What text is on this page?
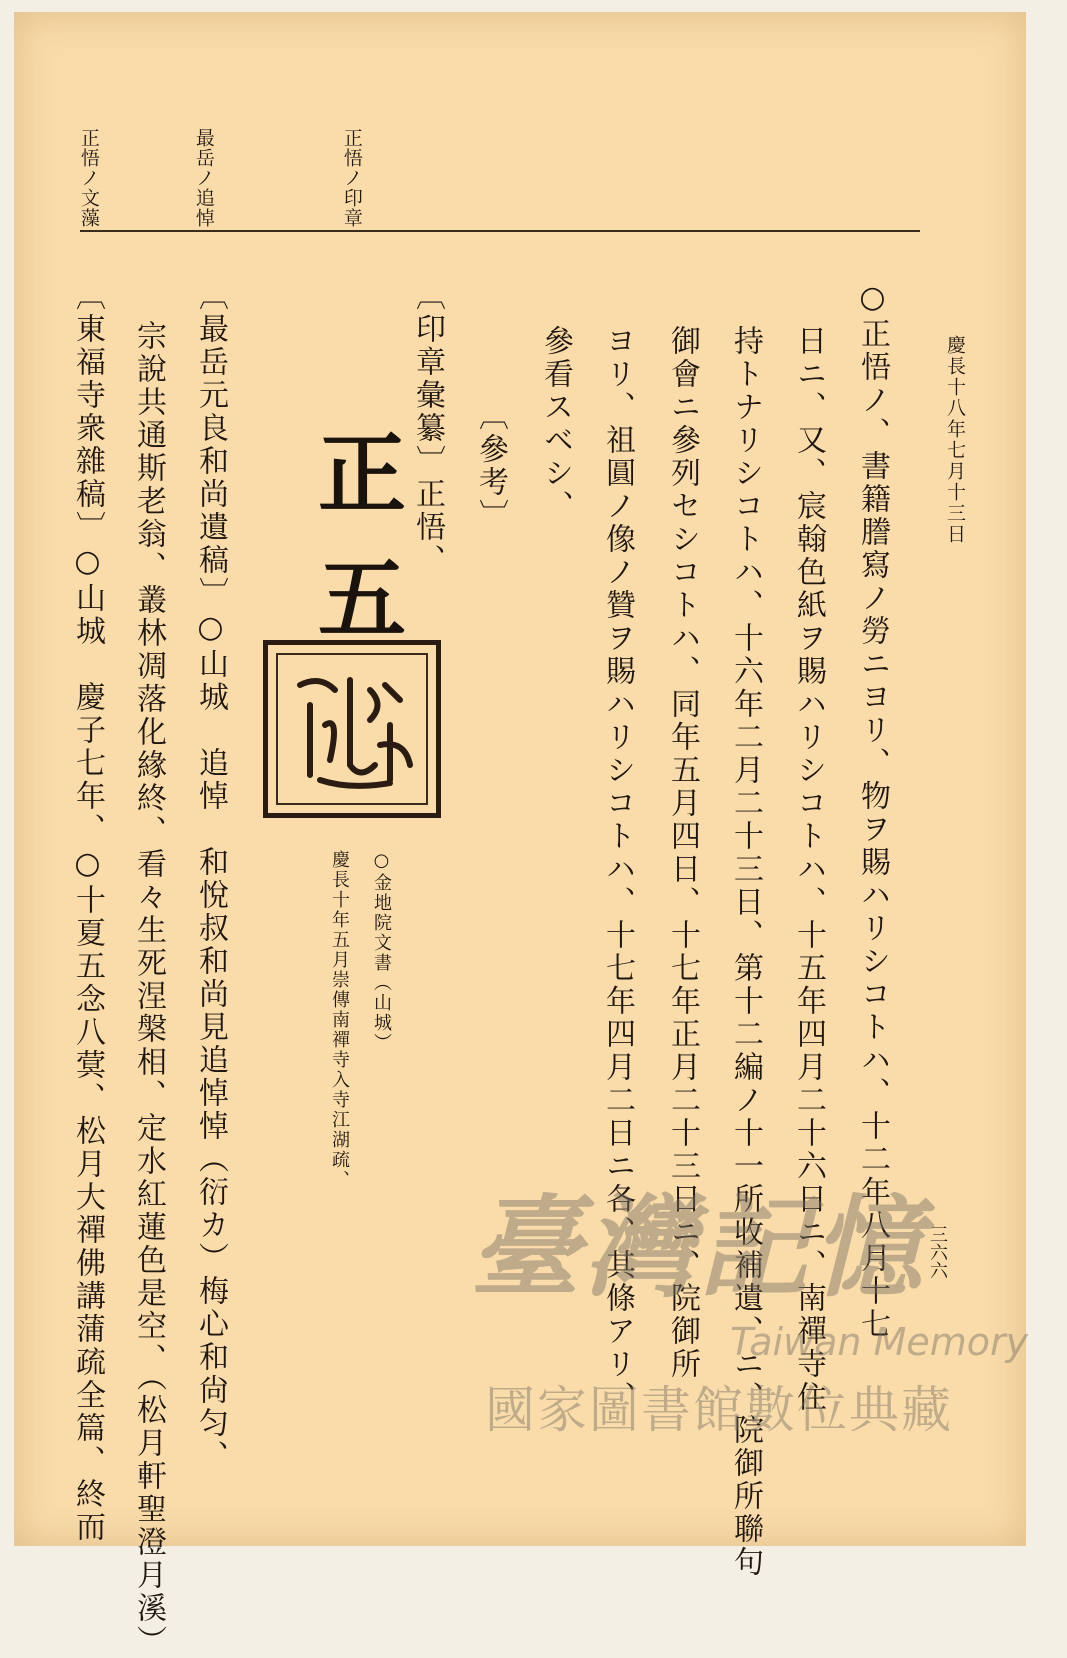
慶長十八年七月十三日
三六六
正悟ノ印章
最岳ノ追悼
正悟ノ文藻
○正悟ノ、書籍謄寫ノ勞ニヨリ、物ヲ賜ハリシコトハ、十二年八月十七
日ニ、又、宸翰色紙ヲ賜ハリシコトハ、十五年四月二十六日ニ、南禪寺住
持トナリシコトハ、十六年二月二十三日、第十二編ノ十一所收補遺、ニ、院御所聯句
御會ニ參列セシコトハ、同年五月四日、十七年正月二十三日ニ、院御所
ヨリ、祖圓ノ像ノ贊ヲ賜ハリシコトハ、十七年四月二日ニ各、其條アリ、
參看スベシ、
〔參考〕
〔印章彙纂〕正悟、
正
五
○金地院文書（山城）
慶長十年五月崇傳南禪寺入寺江湖疏、
〔最岳元良和尚遺稿〕○山城　追悼　和悅叔和尚見追悼悼（衍カ）梅心和尙匀、
宗說共通斯老翁、叢林凋落化緣終、看々生死涅槃相、定水紅蓮色是空、（松月軒聖澄月溪）
〔東福寺衆雜稿〕○山城　慶子七年、○十夏五念八蓂、松月大禪佛講蒲疏全篇、終而	臺灣記憶
Taiwan Memory
國家圖書館數位典藏
